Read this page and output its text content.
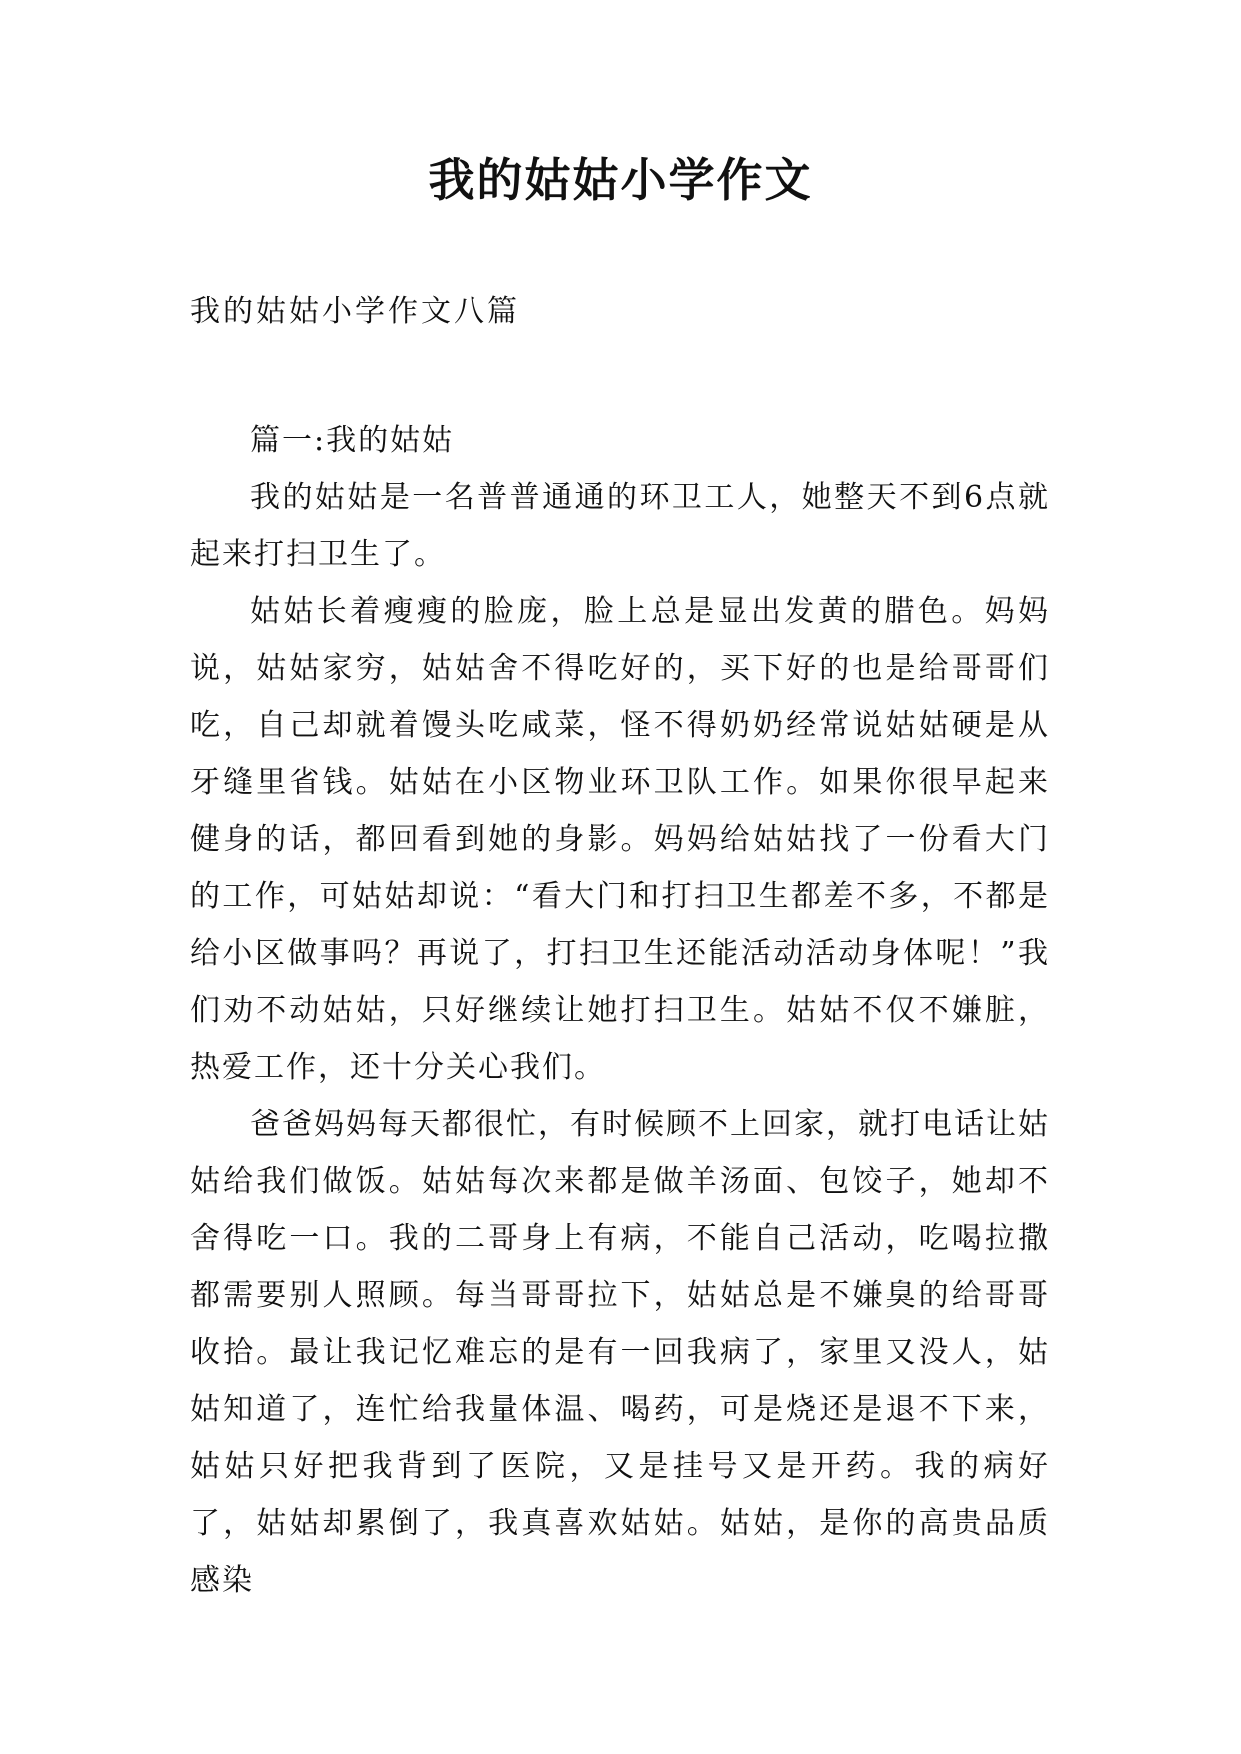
我的姑姑小学作文
我的姑姑小学作文八篇

篇一:我的姑姑

我的姑姑是一名普普通通的环卫工人，她整天不到6点就起来打扫卫生了。

姑姑长着瘦瘦的脸庞，脸上总是显出发黄的腊色。妈妈说，姑姑家穷，姑姑舍不得吃好的，买下好的也是给哥哥们吃，自己却就着馒头吃咸菜，怪不得奶奶经常说姑姑硬是从牙缝里省钱。姑姑在小区物业环卫队工作。如果你很早起来健身的话，都回看到她的身影。妈妈给姑姑找了一份看大门的工作，可姑姑却说：“看大门和打扫卫生都差不多，不都是给小区做事吗？再说了，打扫卫生还能活动活动身体呢！”我们劝不动姑姑，只好继续让她打扫卫生。姑姑不仅不嫌脏，热爱工作，还十分关心我们。

爸爸妈妈每天都很忙，有时候顾不上回家，就打电话让姑姑给我们做饭。姑姑每次来都是做羊汤面、包饺子，她却不舍得吃一口。我的二哥身上有病，不能自己活动，吃喝拉撒都需要别人照顾。每当哥哥拉下，姑姑总是不嫌臭的给哥哥收拾。最让我记忆难忘的是有一回我病了，家里又没人，姑姑知道了，连忙给我量体温、喝药，可是烧还是退不下来，姑姑只好把我背到了医院，又是挂号又是开药。我的病好了，姑姑却累倒了，我真喜欢姑姑。姑姑，是你的高贵品质感染
